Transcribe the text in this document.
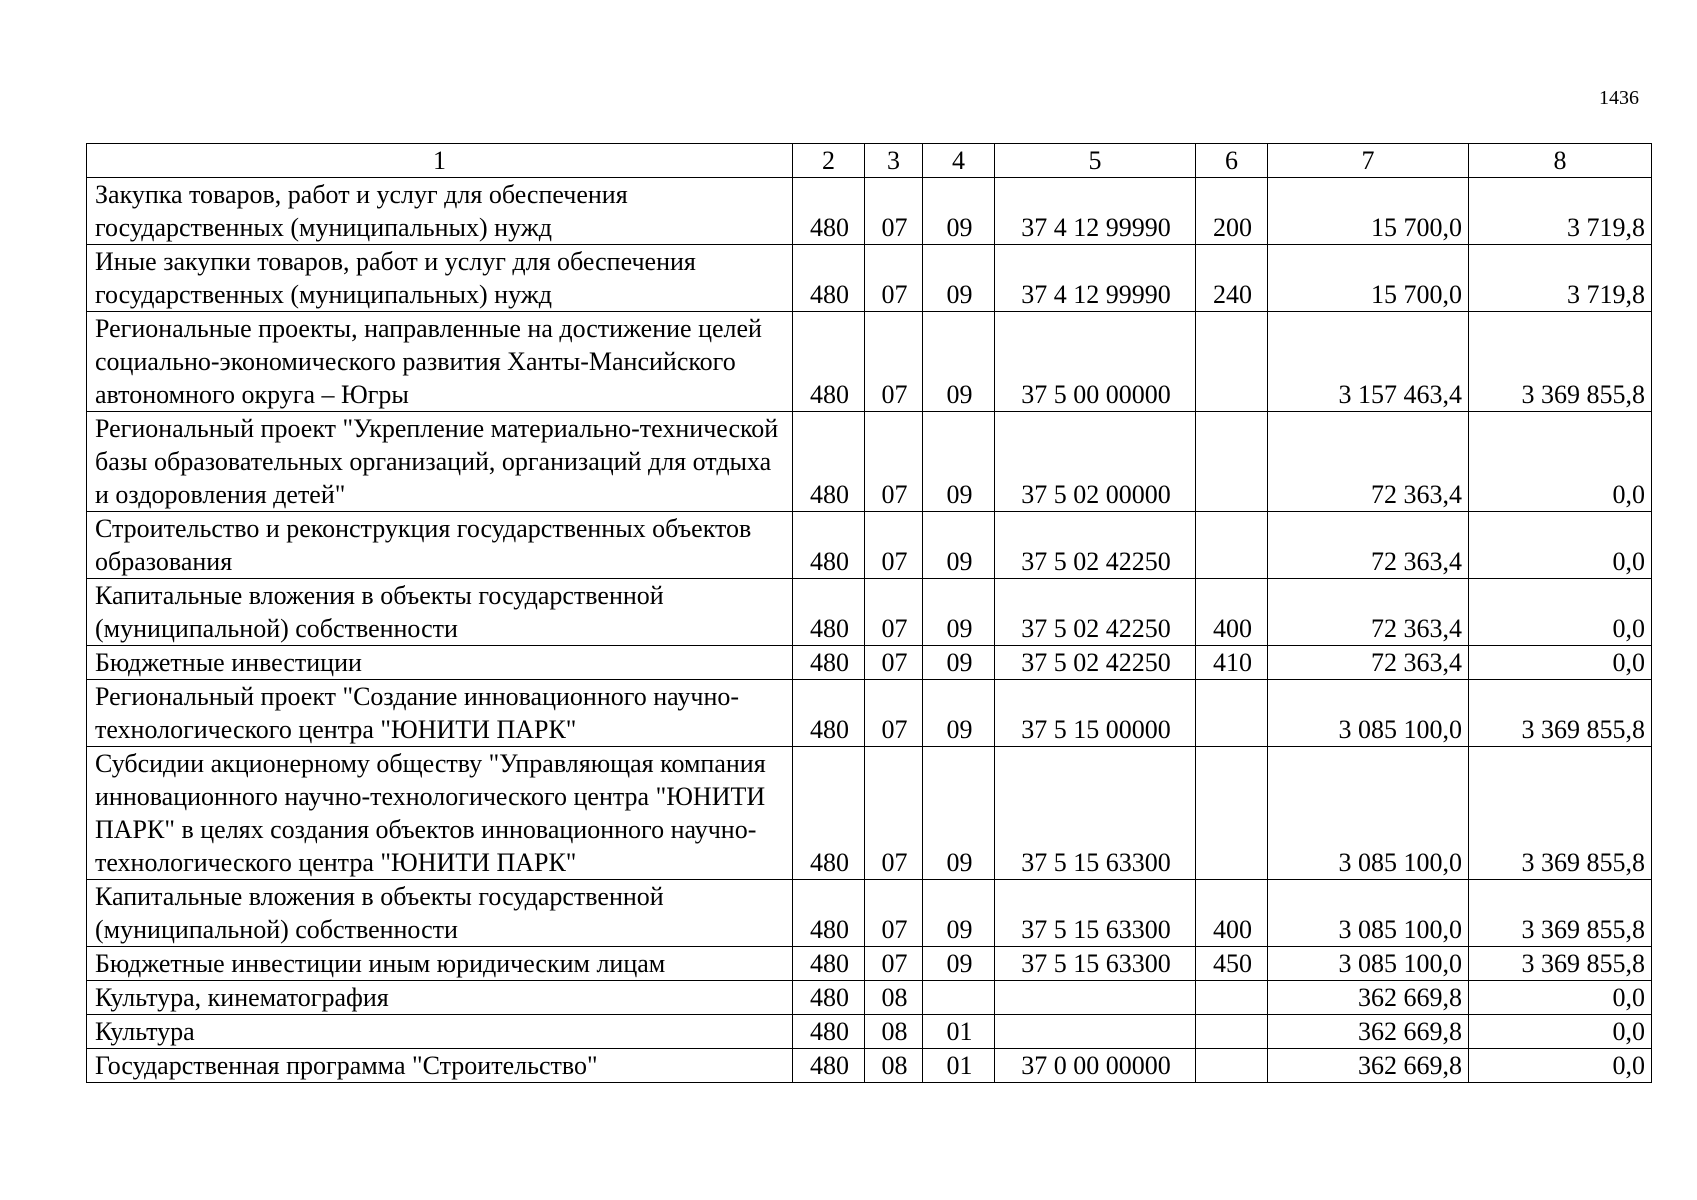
1436
1	2	3	4	5	6	7	8
Закупка товаров, работ и услуг для обеспечения государственных (муниципальных) нужд	480	07	09	37 4 12 99990	200	15 700,0	3 719,8
Иные закупки товаров, работ и услуг для обеспечения государственных (муниципальных) нужд	480	07	09	37 4 12 99990	240	15 700,0	3 719,8
Региональные проекты, направленные на достижение целей социально-экономического развития Ханты-Мансийского автономного округа – Югры	480	07	09	37 5 00 00000		3 157 463,4	3 369 855,8
Региональный проект "Укрепление материально-технической базы образовательных организаций, организаций для отдыха и оздоровления детей"	480	07	09	37 5 02 00000		72 363,4	0,0
Строительство и реконструкция государственных объектов образования	480	07	09	37 5 02 42250		72 363,4	0,0
Капитальные вложения в объекты государственной (муниципальной) собственности	480	07	09	37 5 02 42250	400	72 363,4	0,0
Бюджетные инвестиции	480	07	09	37 5 02 42250	410	72 363,4	0,0
Региональный проект "Создание инновационного научно-технологического центра "ЮНИТИ ПАРК"	480	07	09	37 5 15 00000		3 085 100,0	3 369 855,8
Субсидии акционерному обществу "Управляющая компания инновационного научно-технологического центра "ЮНИТИ ПАРК" в целях создания объектов инновационного научно-технологического центра "ЮНИТИ ПАРК"	480	07	09	37 5 15 63300		3 085 100,0	3 369 855,8
Капитальные вложения в объекты государственной (муниципальной) собственности	480	07	09	37 5 15 63300	400	3 085 100,0	3 369 855,8
Бюджетные инвестиции иным юридическим лицам	480	07	09	37 5 15 63300	450	3 085 100,0	3 369 855,8
Культура, кинематография	480	08				362 669,8	0,0
Культура	480	08	01			362 669,8	0,0
Государственная программа "Строительство"	480	08	01	37 0 00 00000		362 669,8	0,0
